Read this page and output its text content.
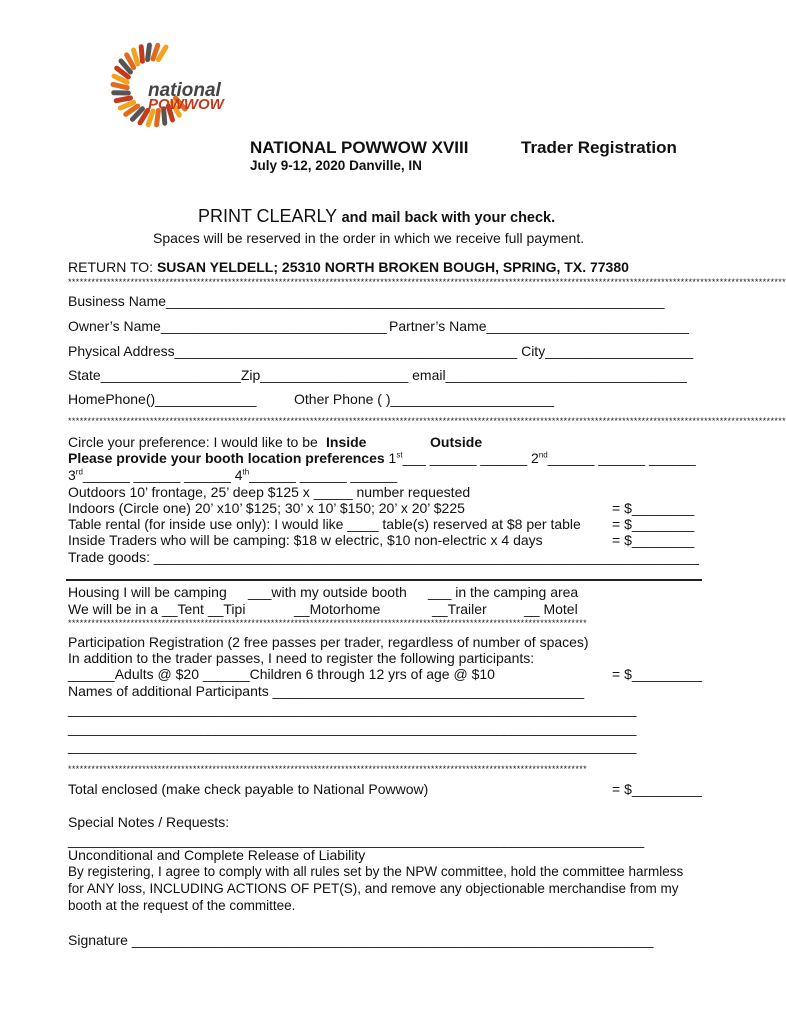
national
POWWOW
NATIONAL POWWOW XVIII	Trader Registration
July 9-12, 2020 Danville, IN
PRINT CLEARLY and mail back with your check.
Spaces will be reserved in the order in which we receive full payment.
RETURN TO: SUSAN YELDELL; 25310 NORTH BROKEN BOUGH, SPRING, TX. 77380
****************************************************************************************************************************************************************************************
Business Name________________________________________________________________
Owner’s Name_____________________________ Partner’s Name__________________________
Physical Address____________________________________________ City___________________
State__________________Zip___________________ email_______________________________
HomePhone()_____________	Other Phone ( )_____________________
****************************************************************************************************************************************************************************************
Circle your preference: I would like to be Inside	Outside
Please provide your booth location preferences 1st___ ______ ______ 2nd______ ______ ______
3rd______ ______ ______ 4th______ ______ ______
Outdoors 10’ frontage, 25’ deep $125 x _____ number requested
Indoors (Circle one) 20’ x10’ $125; 30’ x 10’ $150; 20’ x 20’ $225	= $________
Table rental (for inside use only): I would like ____ table(s) reserved at $8 per table = $________
Inside Traders who will be camping: $18 w electric, $10 non-electric x 4 days	= $________
Trade goods: ______________________________________________________________________
Housing I will be camping ___with my outside booth ___ in the camping area
We will be in a __Tent __Tipi	__Motorhome	__Trailer	__ Motel
*************************************************************************************************************************************
Participation Registration (2 free passes per trader, regardless of number of spaces)
In addition to the trader passes, I need to register the following participants:
______Adults @ $20 ______Children 6 through 12 yrs of age @ $10	= $_________
Names of additional Participants ________________________________________
_________________________________________________________________________
_________________________________________________________________________
_________________________________________________________________________
*************************************************************************************************************************************
Total enclosed (make check payable to National Powwow)	= $_________
Special Notes / Requests:
__________________________________________________________________________
Unconditional and Complete Release of Liability
By registering, I agree to comply with all rules set by the NPW committee, hold the committee harmless
for ANY loss, INCLUDING ACTIONS OF PET(S), and remove any objectionable merchandise from my
booth at the request of the committee.
Signature ___________________________________________________________________
